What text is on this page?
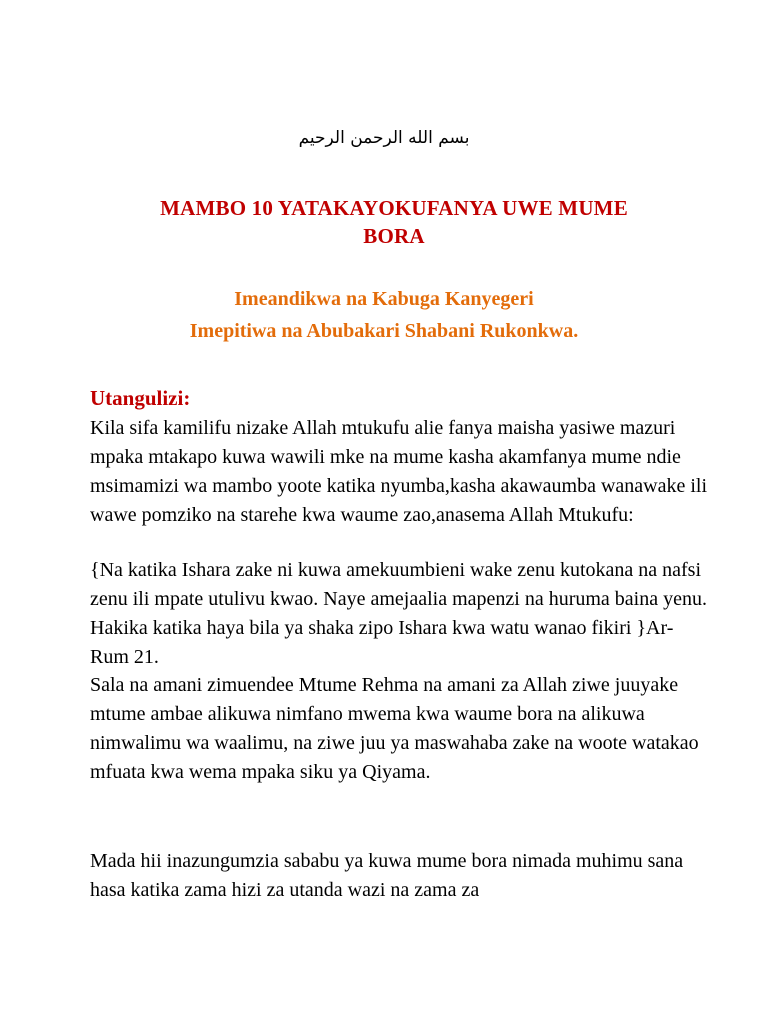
بسم الله الرحمن الرحيم
MAMBO 10 YATAKAYOKUFANYA UWE MUME
BORA
Imeandikwa na Kabuga Kanyegeri
Imepitiwa na Abubakari Shabani Rukonkwa.
Utangulizi:

Kila sifa kamilifu nizake Allah mtukufu alie fanya maisha yasiwe mazuri mpaka mtakapo kuwa wawili mke na mume kasha akamfanya mume ndie msimamizi wa mambo yoote katika nyumba,kasha akawaumba wanawake ili wawe pomziko na starehe kwa waume zao,anasema Allah Mtukufu:

{Na katika Ishara zake ni kuwa amekuumbieni wake zenu kutokana na nafsi zenu ili mpate utulivu kwao. Naye amejaalia mapenzi na huruma baina yenu. Hakika katika haya bila ya shaka zipo Ishara kwa watu wanao fikiri }Ar-Rum 21.

Sala na amani zimuendee Mtume Rehma na amani za Allah ziwe juuyake mtume ambae alikuwa nimfano mwema kwa waume bora na alikuwa nimwalimu wa waalimu, na ziwe juu ya maswahaba zake na woote watakao mfuata kwa wema mpaka siku ya Qiyama.

Mada hii inazungumzia sababu ya kuwa mume bora nimada muhimu sana hasa katika zama hizi za utanda wazi na zama za
